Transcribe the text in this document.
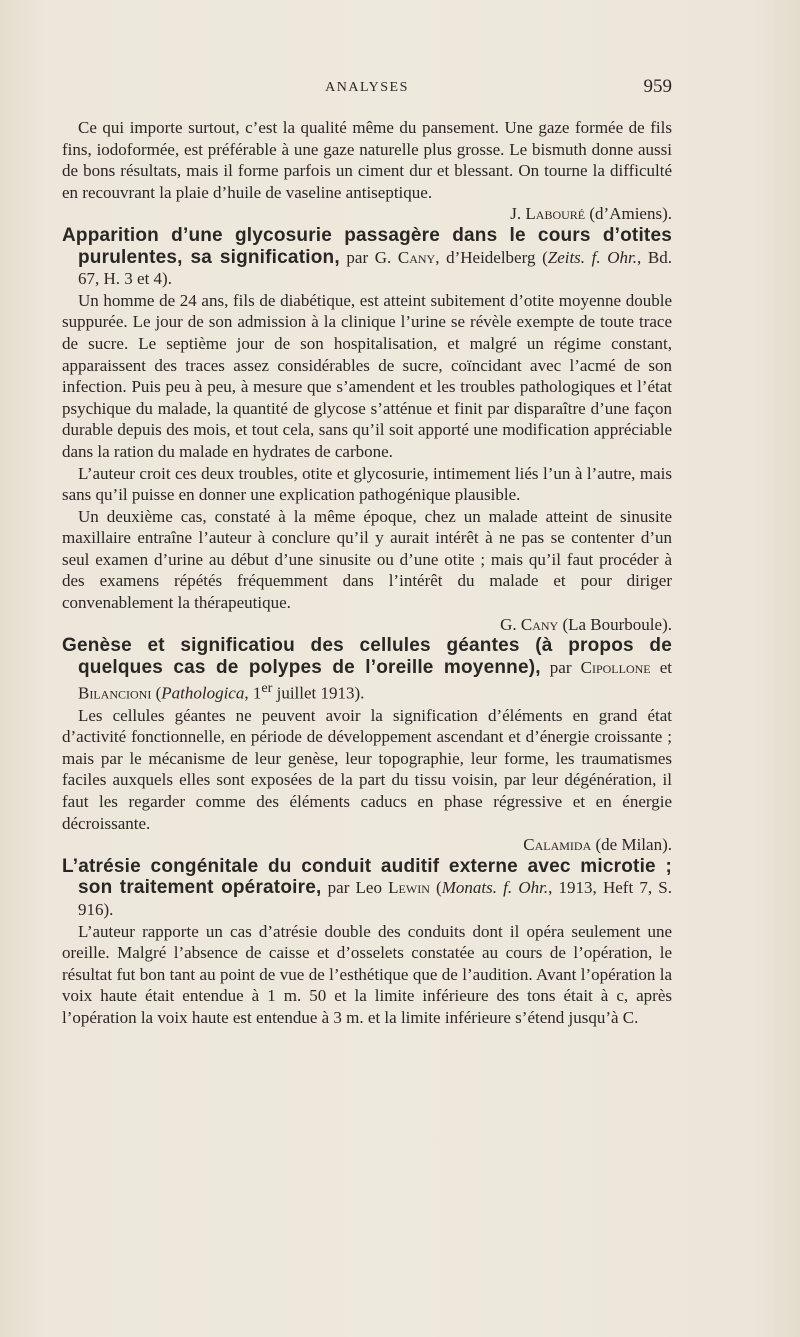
ANALYSES	959

Ce qui importe surtout, c’est la qualité même du pansement. Une gaze formée de fils fins, iodoformée, est préférable à une gaze naturelle plus grosse. Le bismuth donne aussi de bons résultats, mais il forme parfois un ciment dur et blessant. On tourne la difficulté en recouvrant la plaie d’huile de vaseline antiseptique.

J. Labouré (d’Amiens).

Apparition d’une glycosurie passagère dans le cours d’otites purulentes, sa signification, par G. Cany, d’Heidelberg (Zeits. f. Ohr., Bd. 67, H. 3 et 4).

Un homme de 24 ans, fils de diabétique, est atteint subitement d’otite moyenne double suppurée. Le jour de son admission à la clinique l’urine se révèle exempte de toute trace de sucre. Le septième jour de son hospitalisation, et malgré un régime constant, apparaissent des traces assez considérables de sucre, coïncidant avec l’acmé de son infection. Puis peu à peu, à mesure que s’amendent et les troubles pathologiques et l’état psychique du malade, la quantité de glycose s’atténue et finit par disparaître d’une façon durable depuis des mois, et tout cela, sans qu’il soit apporté une modification appréciable dans la ration du malade en hydrates de carbone.

L’auteur croit ces deux troubles, otite et glycosurie, intimement liés l’un à l’autre, mais sans qu’il puisse en donner une explication pathogénique plausible.

Un deuxième cas, constaté à la même époque, chez un malade atteint de sinusite maxillaire entraîne l’auteur à conclure qu’il y aurait intérêt à ne pas se contenter d’un seul examen d’urine au début d’une sinusite ou d’une otite ; mais qu’il faut procéder à des examens répétés fréquemment dans l’intérêt du malade et pour diriger convenablement la thérapeutique.

G. Cany (La Bourboule).

Genèse et significatiou des cellules géantes (à propos de quelques cas de polypes de l’oreille moyenne), par Cipollone et Bilancioni (Pathologica, 1er juillet 1913).

Les cellules géantes ne peuvent avoir la signification d’éléments en grand état d’activité fonctionnelle, en période de développement ascendant et d’énergie croissante ; mais par le mécanisme de leur genèse, leur topographie, leur forme, les traumatismes faciles auxquels elles sont exposées de la part du tissu voisin, par leur dégénération, il faut les regarder comme des éléments caducs en phase régressive et en énergie décroissante.

Calamida (de Milan).

L’atrésie congénitale du conduit auditif externe avec microtie ; son traitement opératoire, par Leo Lewin (Monats. f. Ohr., 1913, Heft 7, S. 916).

L’auteur rapporte un cas d’atrésie double des conduits dont il opéra seulement une oreille. Malgré l’absence de caisse et d’osselets constatée au cours de l’opération, le résultat fut bon tant au point de vue de l’esthétique que de l’audition. Avant l’opération la voix haute était entendue à 1 m. 50 et la limite inférieure des tons était à c, après l’opération la voix haute est entendue à 3 m. et la limite inférieure s’étend jusqu’à C.
